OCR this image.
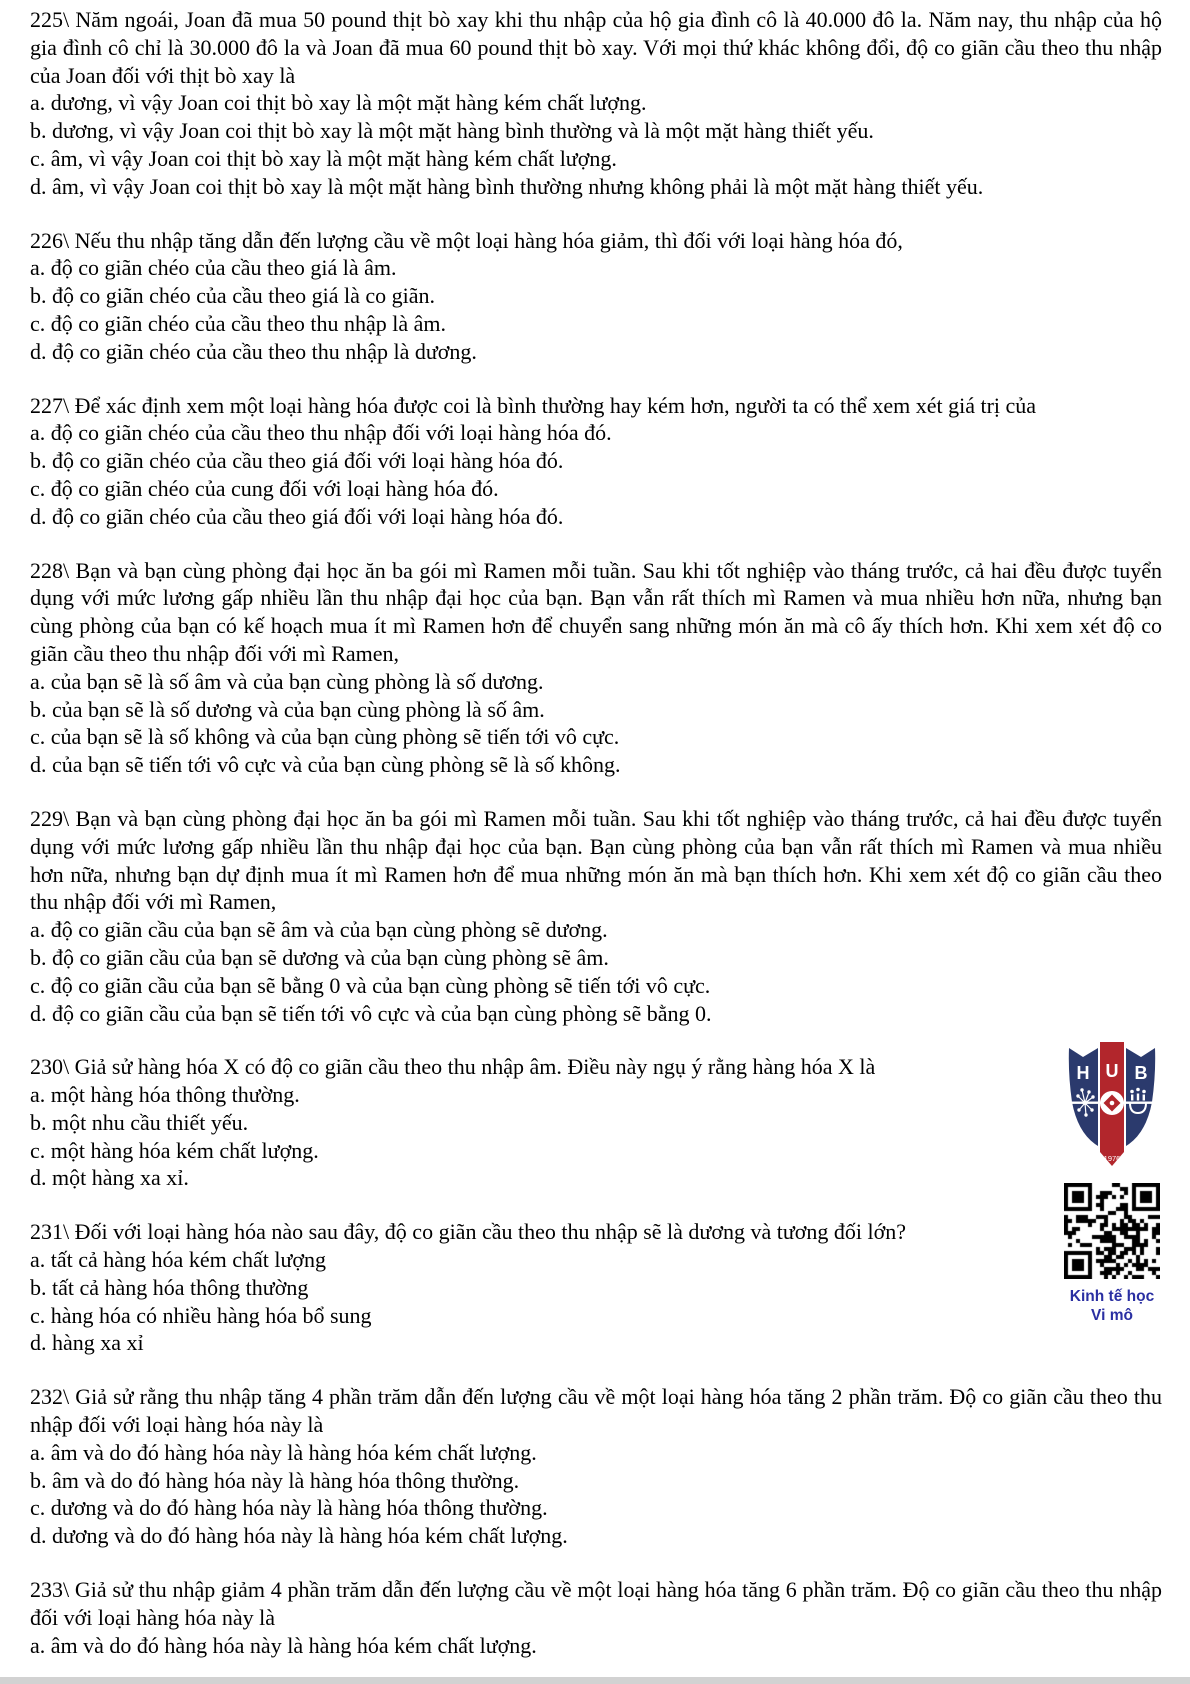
225\ Năm ngoái, Joan đã mua 50 pound thịt bò xay khi thu nhập của hộ gia đình cô là 40.000 đô la. Năm nay, thu nhập của hộ gia đình cô chỉ là 30.000 đô la và Joan đã mua 60 pound thịt bò xay. Với mọi thứ khác không đổi, độ co giãn cầu theo thu nhập của Joan đối với thịt bò xay là
a. dương, vì vậy Joan coi thịt bò xay là một mặt hàng kém chất lượng.
b. dương, vì vậy Joan coi thịt bò xay là một mặt hàng bình thường và là một mặt hàng thiết yếu.
c. âm, vì vậy Joan coi thịt bò xay là một mặt hàng kém chất lượng.
d. âm, vì vậy Joan coi thịt bò xay là một mặt hàng bình thường nhưng không phải là một mặt hàng thiết yếu.
226\ Nếu thu nhập tăng dẫn đến lượng cầu về một loại hàng hóa giảm, thì đối với loại hàng hóa đó,
a. độ co giãn chéo của cầu theo giá là âm.
b. độ co giãn chéo của cầu theo giá là co giãn.
c. độ co giãn chéo của cầu theo thu nhập là âm.
d. độ co giãn chéo của cầu theo thu nhập là dương.
227\ Để xác định xem một loại hàng hóa được coi là bình thường hay kém hơn, người ta có thể xem xét giá trị của
a. độ co giãn chéo của cầu theo thu nhập đối với loại hàng hóa đó.
b. độ co giãn chéo của cầu theo giá đối với loại hàng hóa đó.
c. độ co giãn chéo của cung đối với loại hàng hóa đó.
d. độ co giãn chéo của cầu theo giá đối với loại hàng hóa đó.
228\ Bạn và bạn cùng phòng đại học ăn ba gói mì Ramen mỗi tuần. Sau khi tốt nghiệp vào tháng trước, cả hai đều được tuyển dụng với mức lương gấp nhiều lần thu nhập đại học của bạn. Bạn vẫn rất thích mì Ramen và mua nhiều hơn nữa, nhưng bạn cùng phòng của bạn có kế hoạch mua ít mì Ramen hơn để chuyển sang những món ăn mà cô ấy thích hơn. Khi xem xét độ co giãn cầu theo thu nhập đối với mì Ramen,
a. của bạn sẽ là số âm và của bạn cùng phòng là số dương.
b. của bạn sẽ là số dương và của bạn cùng phòng là số âm.
c. của bạn sẽ là số không và của bạn cùng phòng sẽ tiến tới vô cực.
d. của bạn sẽ tiến tới vô cực và của bạn cùng phòng sẽ là số không.
229\ Bạn và bạn cùng phòng đại học ăn ba gói mì Ramen mỗi tuần. Sau khi tốt nghiệp vào tháng trước, cả hai đều được tuyển dụng với mức lương gấp nhiều lần thu nhập đại học của bạn. Bạn cùng phòng của bạn vẫn rất thích mì Ramen và mua nhiều hơn nữa, nhưng bạn dự định mua ít mì Ramen hơn để mua những món ăn mà bạn thích hơn. Khi xem xét độ co giãn cầu theo thu nhập đối với mì Ramen,
a. độ co giãn cầu của bạn sẽ âm và của bạn cùng phòng sẽ dương.
b. độ co giãn cầu của bạn sẽ dương và của bạn cùng phòng sẽ âm.
c. độ co giãn cầu của bạn sẽ bằng 0 và của bạn cùng phòng sẽ tiến tới vô cực.
d. độ co giãn cầu của bạn sẽ tiến tới vô cực và của bạn cùng phòng sẽ bằng 0.
230\ Giả sử hàng hóa X có độ co giãn cầu theo thu nhập âm. Điều này ngụ ý rằng hàng hóa X là
a. một hàng hóa thông thường.
b. một nhu cầu thiết yếu.
c. một hàng hóa kém chất lượng.
d. một hàng xa xỉ.
231\ Đối với loại hàng hóa nào sau đây, độ co giãn cầu theo thu nhập sẽ là dương và tương đối lớn?
a. tất cả hàng hóa kém chất lượng
b. tất cả hàng hóa thông thường
c. hàng hóa có nhiều hàng hóa bổ sung
d. hàng xa xỉ
232\ Giả sử rằng thu nhập tăng 4 phần trăm dẫn đến lượng cầu về một loại hàng hóa tăng 2 phần trăm. Độ co giãn cầu theo thu nhập đối với loại hàng hóa này là
a. âm và do đó hàng hóa này là hàng hóa kém chất lượng.
b. âm và do đó hàng hóa này là hàng hóa thông thường.
c. dương và do đó hàng hóa này là hàng hóa thông thường.
d. dương và do đó hàng hóa này là hàng hóa kém chất lượng.
233\ Giả sử thu nhập giảm 4 phần trăm dẫn đến lượng cầu về một loại hàng hóa tăng 6 phần trăm. Độ co giãn cầu theo thu nhập đối với loại hàng hóa này là
a. âm và do đó hàng hóa này là hàng hóa kém chất lượng.
H U B
1976
Kinh tế học
Vi mô
